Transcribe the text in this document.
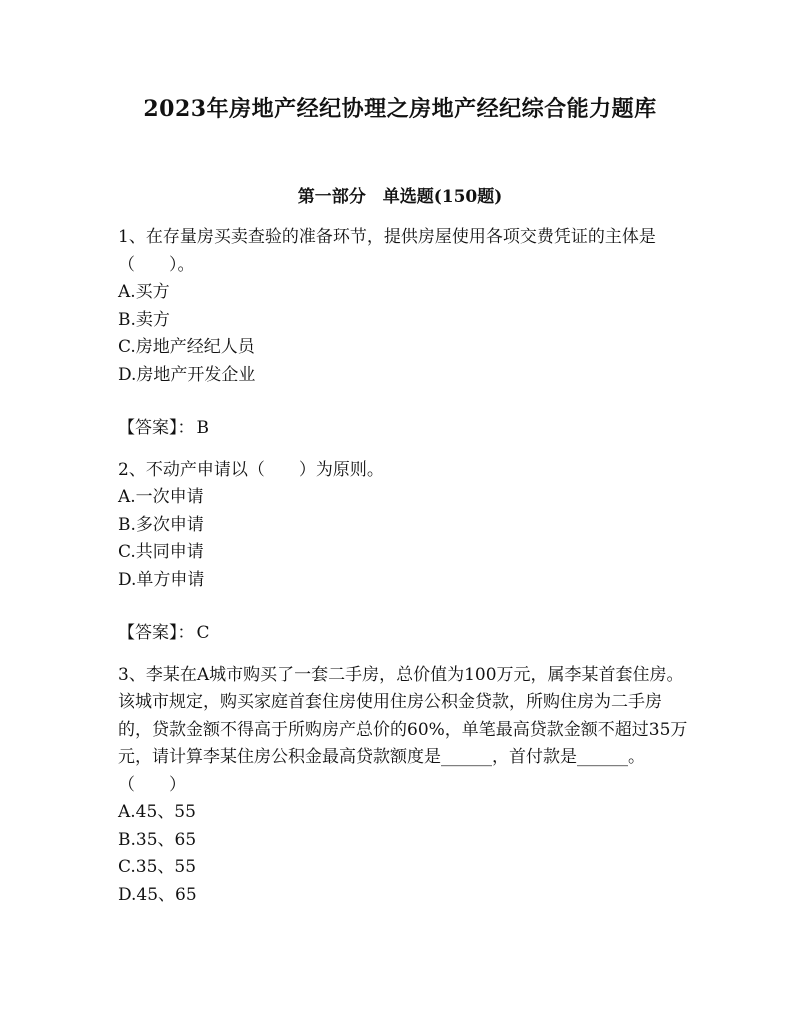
2023年房地产经纪协理之房地产经纪综合能力题库
第一部分　单选题(150题)

1、在存量房买卖查验的准备环节，提供房屋使用各项交费凭证的主体是（　　）。

A.买方

B.卖方

C.房地产经纪人员

D.房地产开发企业

【答案】： B

2、不动产申请以（　　）为原则。

A.一次申请

B.多次申请

C.共同申请

D.单方申请

【答案】： C

3、李某在A城市购买了一套二手房，总价值为100万元，属李某首套住房。该城市规定，购买家庭首套住房使用住房公积金贷款，所购住房为二手房的，贷款金额不得高于所购房产总价的60%，单笔最高贷款金额不超过35万元，请计算李某住房公积金最高贷款额度是______，首付款是______。（　　）

A.45、55

B.35、65

C.35、55

D.45、65
